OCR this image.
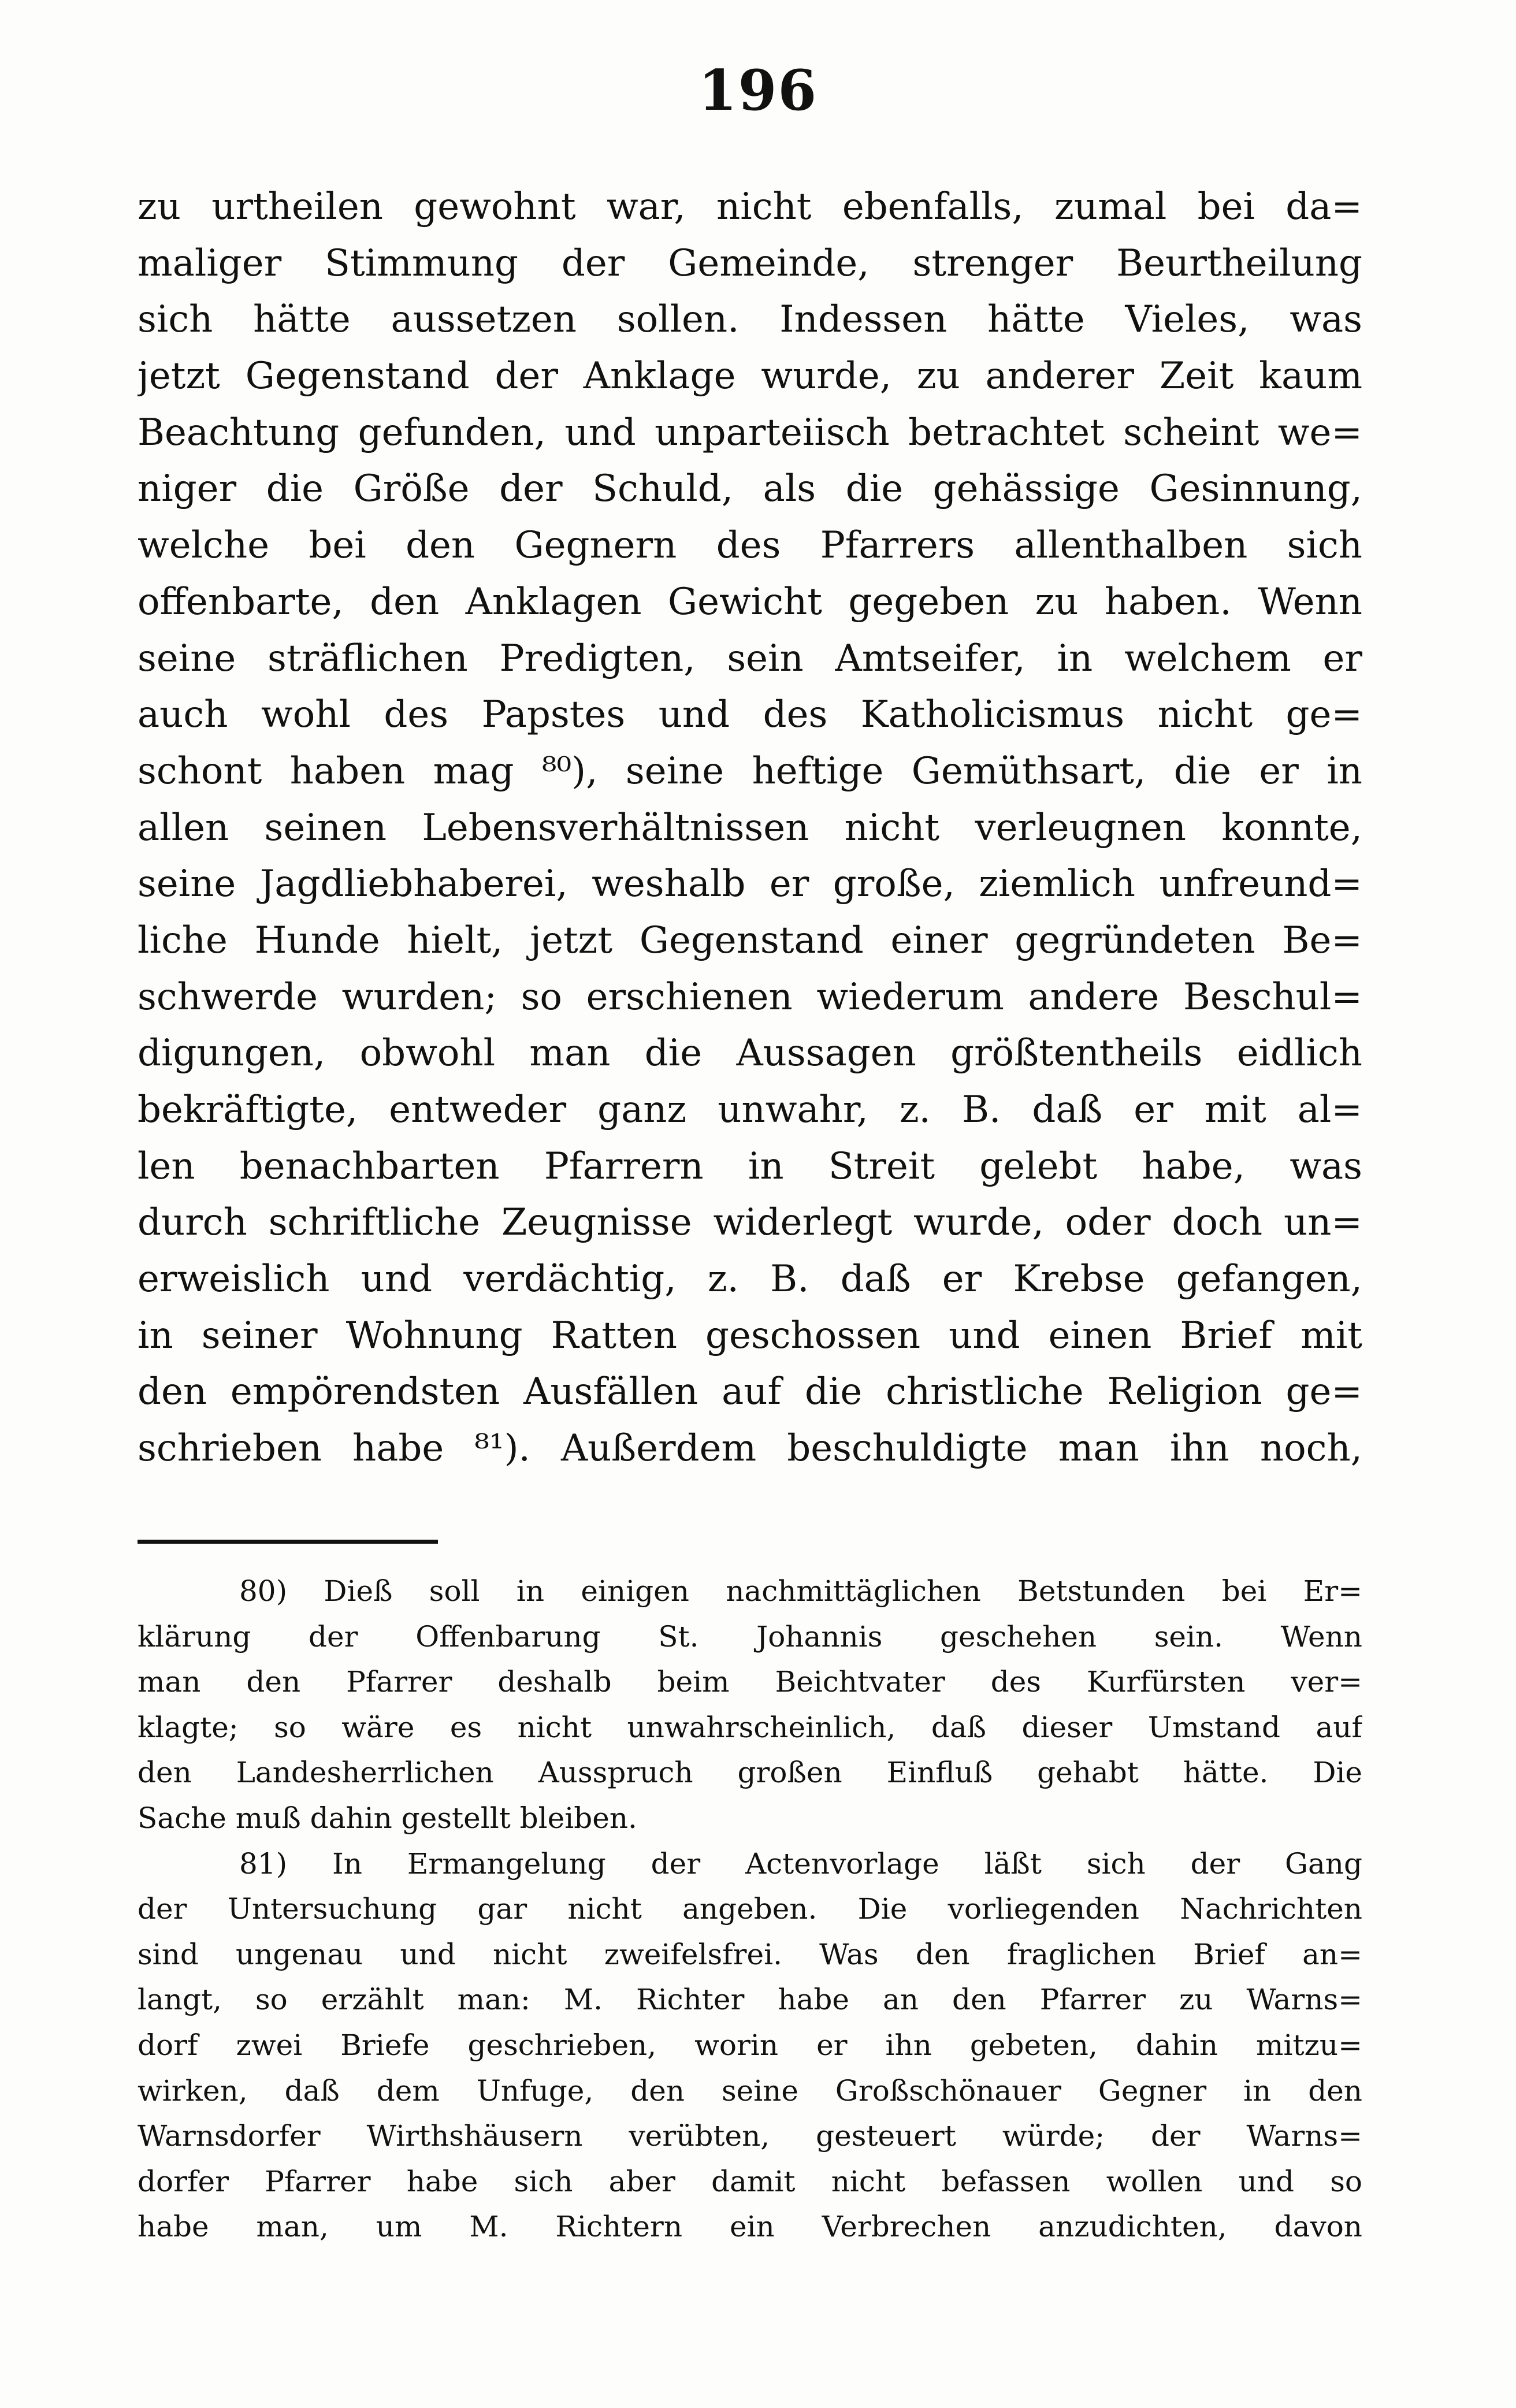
196
zu urtheilen gewohnt war, nicht ebenfalls, zumal bei da=
maliger Stimmung der Gemeinde, strenger Beurtheilung
sich hätte aussetzen sollen. Indessen hätte Vieles, was
jetzt Gegenstand der Anklage wurde, zu anderer Zeit kaum
Beachtung gefunden, und unparteiisch betrachtet scheint we=
niger die Größe der Schuld, als die gehässige Gesinnung,
welche bei den Gegnern des Pfarrers allenthalben sich
offenbarte, den Anklagen Gewicht gegeben zu haben. Wenn
seine sträflichen Predigten, sein Amtseifer, in welchem er
auch wohl des Papstes und des Katholicismus nicht ge=
schont haben mag ⁸⁰), seine heftige Gemüthsart, die er in
allen seinen Lebensverhältnissen nicht verleugnen konnte,
seine Jagdliebhaberei, weshalb er große, ziemlich unfreund=
liche Hunde hielt, jetzt Gegenstand einer gegründeten Be=
schwerde wurden; so erschienen wiederum andere Beschul=
digungen, obwohl man die Aussagen größtentheils eidlich
bekräftigte, entweder ganz unwahr, z. B. daß er mit al=
len benachbarten Pfarrern in Streit gelebt habe, was
durch schriftliche Zeugnisse widerlegt wurde, oder doch un=
erweislich und verdächtig, z. B. daß er Krebse gefangen,
in seiner Wohnung Ratten geschossen und einen Brief mit
den empörendsten Ausfällen auf die christliche Religion ge=
schrieben habe ⁸¹). Außerdem beschuldigte man ihn noch,
80) Dieß soll in einigen nachmittäglichen Betstunden bei Er=
klärung der Offenbarung St. Johannis geschehen sein. Wenn
man den Pfarrer deshalb beim Beichtvater des Kurfürsten ver=
klagte; so wäre es nicht unwahrscheinlich, daß dieser Umstand auf
den Landesherrlichen Ausspruch großen Einfluß gehabt hätte. Die
Sache muß dahin gestellt bleiben.
81) In Ermangelung der Actenvorlage läßt sich der Gang
der Untersuchung gar nicht angeben. Die vorliegenden Nachrichten
sind ungenau und nicht zweifelsfrei. Was den fraglichen Brief an=
langt, so erzählt man: M. Richter habe an den Pfarrer zu Warns=
dorf zwei Briefe geschrieben, worin er ihn gebeten, dahin mitzu=
wirken, daß dem Unfuge, den seine Großschönauer Gegner in den
Warnsdorfer Wirthshäusern verübten, gesteuert würde; der Warns=
dorfer Pfarrer habe sich aber damit nicht befassen wollen und so
habe man, um M. Richtern ein Verbrechen anzudichten, davon
